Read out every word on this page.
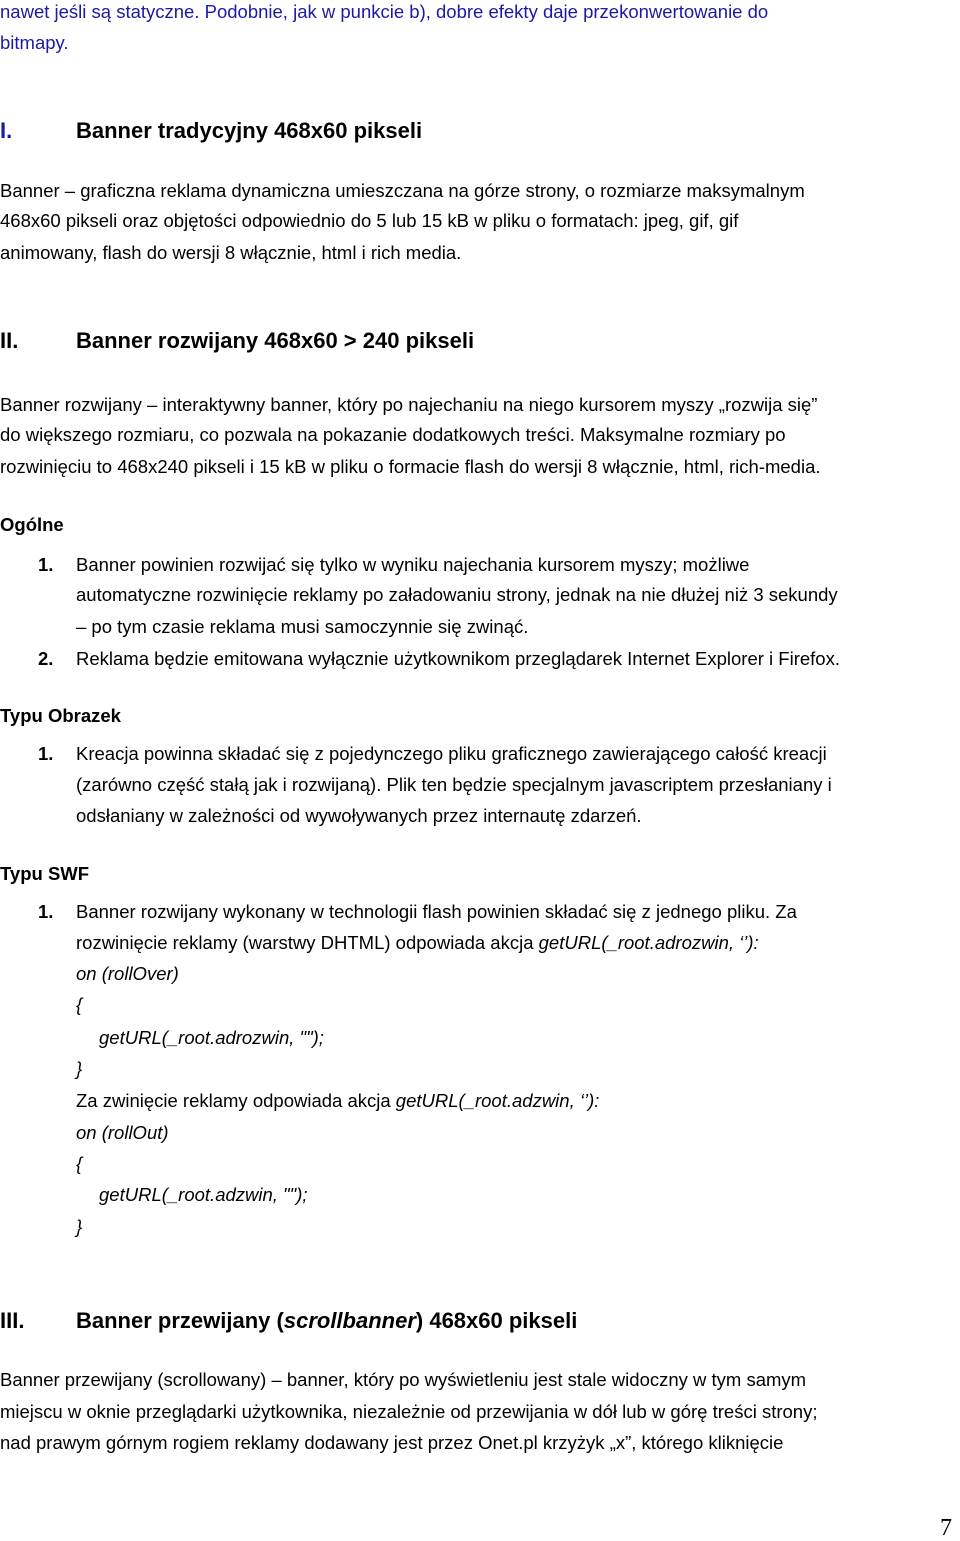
nawet jeśli są statyczne. Podobnie, jak w punkcie b), dobre efekty daje przekonwertowanie do

bitmapy.

I.	Banner tradycyjny 468x60 pikseli

Banner – graficzna reklama dynamiczna umieszczana na górze strony, o rozmiarze maksymalnym

468x60 pikseli oraz objętości odpowiednio do 5 lub 15 kB w pliku o formatach: jpeg, gif, gif

animowany, flash do wersji 8 włącznie, html i rich media.

II.	Banner rozwijany 468x60 > 240 pikseli

Banner rozwijany – interaktywny banner, który po najechaniu na niego kursorem myszy „rozwija się”

do większego rozmiaru, co pozwala na pokazanie dodatkowych treści. Maksymalne rozmiary po

rozwinięciu to 468x240 pikseli i 15 kB w pliku o formacie flash do wersji 8 włącznie, html, rich-media.

Ogólne

1. Banner powinien rozwijać się tylko w wyniku najechania kursorem myszy; możliwe
automatyczne rozwinięcie reklamy po załadowaniu strony, jednak na nie dłużej niż 3 sekundy
– po tym czasie reklama musi samoczynnie się zwinąć.
2. Reklama będzie emitowana wyłącznie użytkownikom przeglądarek Internet Explorer i Firefox.

Typu Obrazek

1. Kreacja powinna składać się z pojedynczego pliku graficznego zawierającego całość kreacji
(zarówno część stałą jak i rozwijaną). Plik ten będzie specjalnym javascriptem przesłaniany i
odsłaniany w zależności od wywoływanych przez internautę zdarzeń.

Typu SWF

1. Banner rozwijany wykonany w technologii flash powinien składać się z jednego pliku. Za
rozwinięcie reklamy (warstwy DHTML) odpowiada akcja getURL(_root.adrozwin, ‘’):
on (rollOver)
{
getURL(_root.adrozwin, "");
}
Za zwinięcie reklamy odpowiada akcja getURL(_root.adzwin, ‘’):
on (rollOut)
{
getURL(_root.adzwin, "");
}
III. Banner przewijany (scrollbanner) 468x60 pikseli

Banner przewijany (scrollowany) – banner, który po wyświetleniu jest stale widoczny w tym samym

miejscu w oknie przeglądarki użytkownika, niezależnie od przewijania w dół lub w górę treści strony;

nad prawym górnym rogiem reklamy dodawany jest przez Onet.pl krzyżyk „x”, którego kliknięcie

7
